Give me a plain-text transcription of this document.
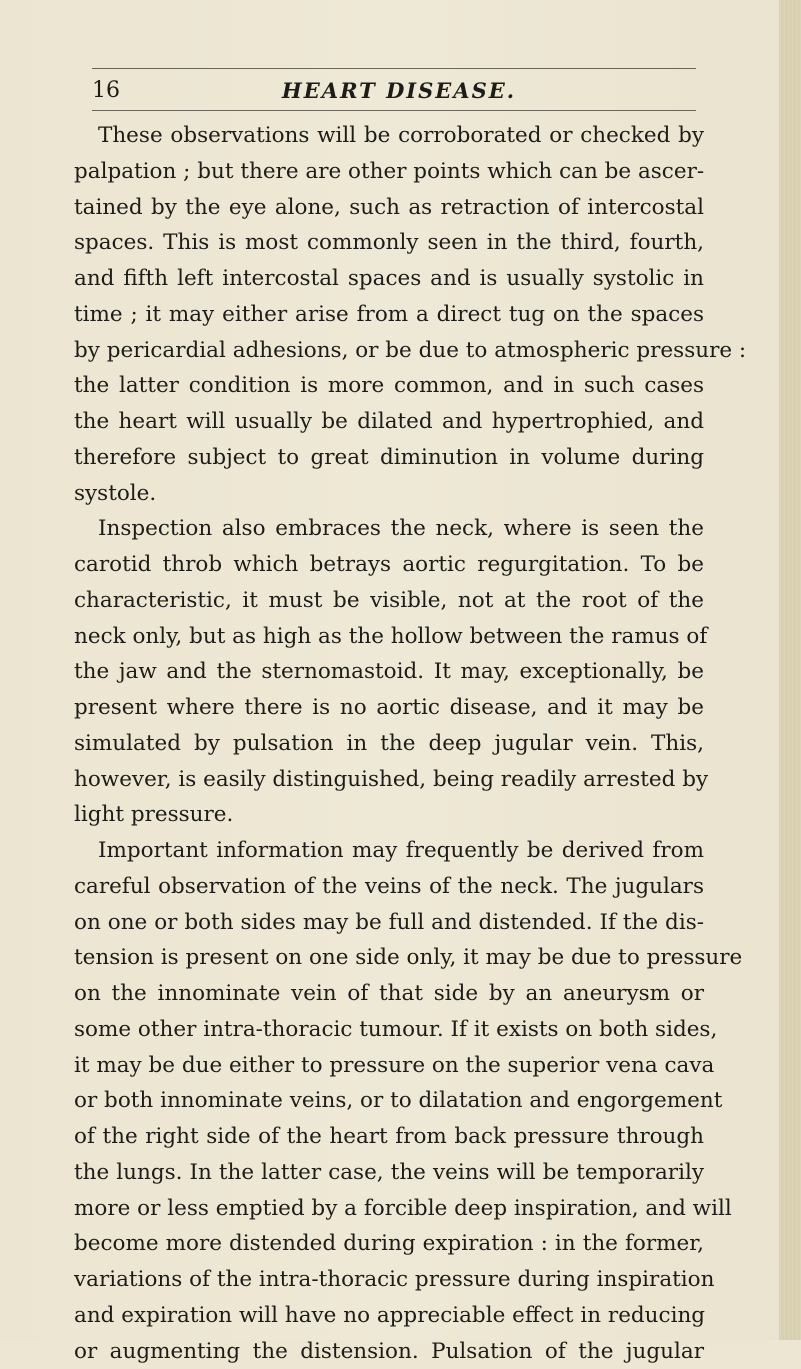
16	HEART DISEASE.
These observations will be corroborated or checked by
palpation ; but there are other points which can be ascer-
tained by the eye alone, such as retraction of intercostal
spaces. This is most commonly seen in the third, fourth,
and fifth left intercostal spaces and is usually systolic in
time ; it may either arise from a direct tug on the spaces
by pericardial adhesions, or be due to atmospheric pressure :
the latter condition is more common, and in such cases
the heart will usually be dilated and hypertrophied, and
therefore subject to great diminution in volume during
systole.
Inspection also embraces the neck, where is seen the
carotid throb which betrays aortic regurgitation. To be
characteristic, it must be visible, not at the root of the
neck only, but as high as the hollow between the ramus of
the jaw and the sternomastoid. It may, exceptionally, be
present where there is no aortic disease, and it may be
simulated by pulsation in the deep jugular vein. This,
however, is easily distinguished, being readily arrested by
light pressure.
Important information may frequently be derived from
careful observation of the veins of the neck. The jugulars
on one or both sides may be full and distended. If the dis-
tension is present on one side only, it may be due to pressure
on the innominate vein of that side by an aneurysm or
some other intra-thoracic tumour. If it exists on both sides,
it may be due either to pressure on the superior vena cava
or both innominate veins, or to dilatation and engorgement
of the right side of the heart from back pressure through
the lungs. In the latter case, the veins will be temporarily
more or less emptied by a forcible deep inspiration, and will
become more distended during expiration : in the former,
variations of the intra-thoracic pressure during inspiration
and expiration will have no appreciable effect in reducing
or augmenting the distension. Pulsation of the jugular
